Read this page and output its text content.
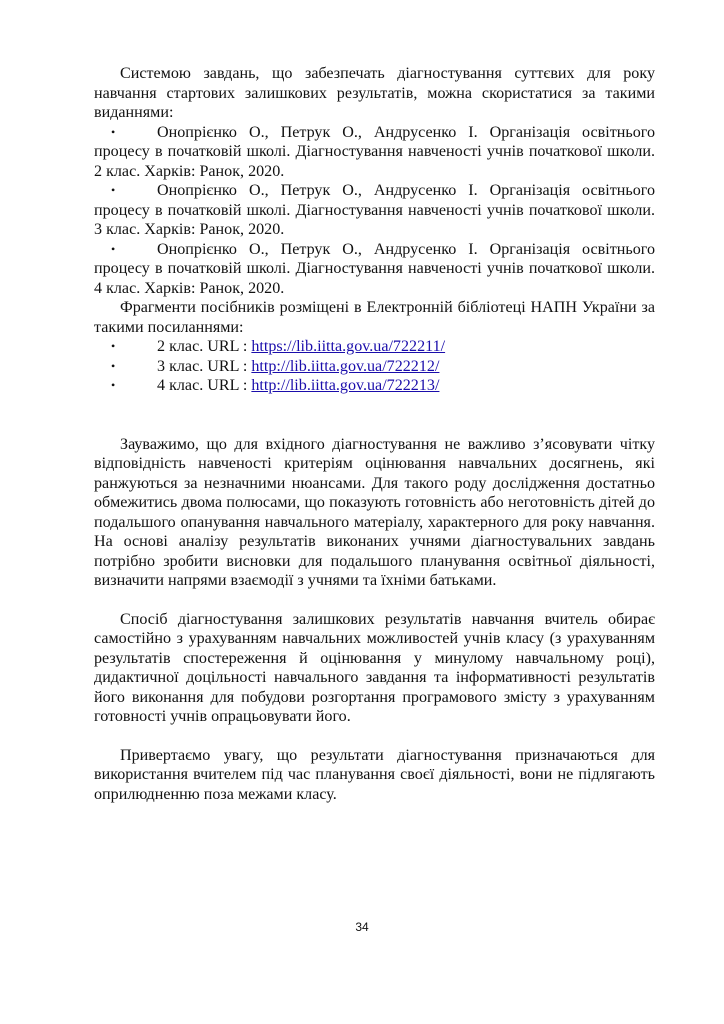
Системою завдань, що забезпечать діагностування суттєвих для року навчання стартових залишкових результатів, можна скористатися за такими виданнями:

• Онопрієнко О., Петрук О., Андрусенко І. Організація освітнього процесу в початковій школі. Діагностування навченості учнів початкової школи. 2 клас. Харків: Ранок, 2020.
• Онопрієнко О., Петрук О., Андрусенко І. Організація освітнього процесу в початковій школі. Діагностування навченості учнів початкової школи. 3 клас. Харків: Ранок, 2020.
• Онопрієнко О., Петрук О., Андрусенко І. Організація освітнього процесу в початковій школі. Діагностування навченості учнів початкової школи. 4 клас. Харків: Ранок, 2020.

Фрагменти посібників розміщені в Електронній бібліотеці НАПН України за такими посиланнями:

• 2 клас. URL : https://lib.iitta.gov.ua/722211/
• 3 клас. URL : http://lib.iitta.gov.ua/722212/
• 4 клас. URL : http://lib.iitta.gov.ua/722213/

Зауважимо, що для вхідного діагностування не важливо з’ясовувати чітку відповідність навченості критеріям оцінювання навчальних досягнень, які ранжуються за незначними нюансами. Для такого роду дослідження достатньо обмежитись двома полюсами, що показують готовність або неготовність дітей до подальшого опанування навчального матеріалу, характерного для року навчання. На основі аналізу результатів виконаних учнями діагностувальних завдань потрібно зробити висновки для подальшого планування освітньої діяльності, визначити напрями взаємодії з учнями та їхніми батьками.

Спосіб діагностування залишкових результатів навчання вчитель обирає самостійно з урахуванням навчальних можливостей учнів класу (з урахуванням результатів спостереження й оцінювання у минулому навчальному році), дидактичної доцільності навчального завдання та інформативності результатів його виконання для побудови розгортання програмового змісту з урахуванням готовності учнів опрацьовувати його.

Привертаємо увагу, що результати діагностування призначаються для використання вчителем під час планування своєї діяльності, вони не підлягають оприлюдненню поза межами класу.

34
